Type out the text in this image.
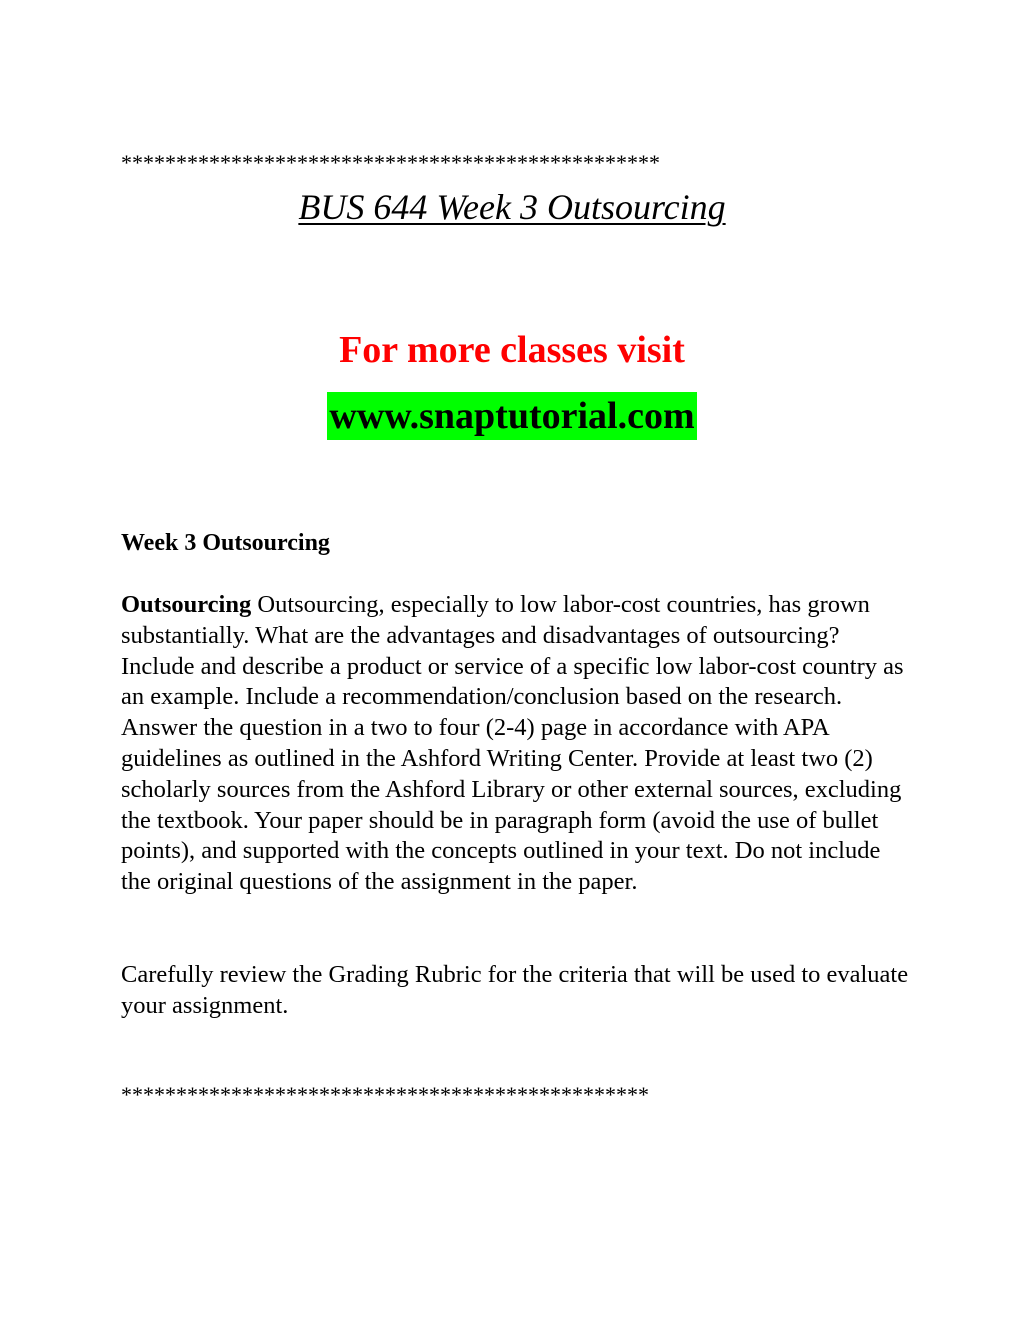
*************************************************
BUS 644 Week 3 Outsourcing
For more classes visit
www.snaptutorial.com
Week 3 Outsourcing

Outsourcing Outsourcing, especially to low labor-cost countries, has grown substantially. What are the advantages and disadvantages of outsourcing? Include and describe a product or service of a specific low labor-cost country as an example. Include a recommendation/conclusion based on the research. Answer the question in a two to four (2-4) page in accordance with APA guidelines as outlined in the Ashford Writing Center. Provide at least two (2) scholarly sources from the Ashford Library or other external sources, excluding the textbook. Your paper should be in paragraph form (avoid the use of bullet points), and supported with the concepts outlined in your text. Do not include the original questions of the assignment in the paper.

Carefully review the Grading Rubric for the criteria that will be used to evaluate your assignment.

************************************************
